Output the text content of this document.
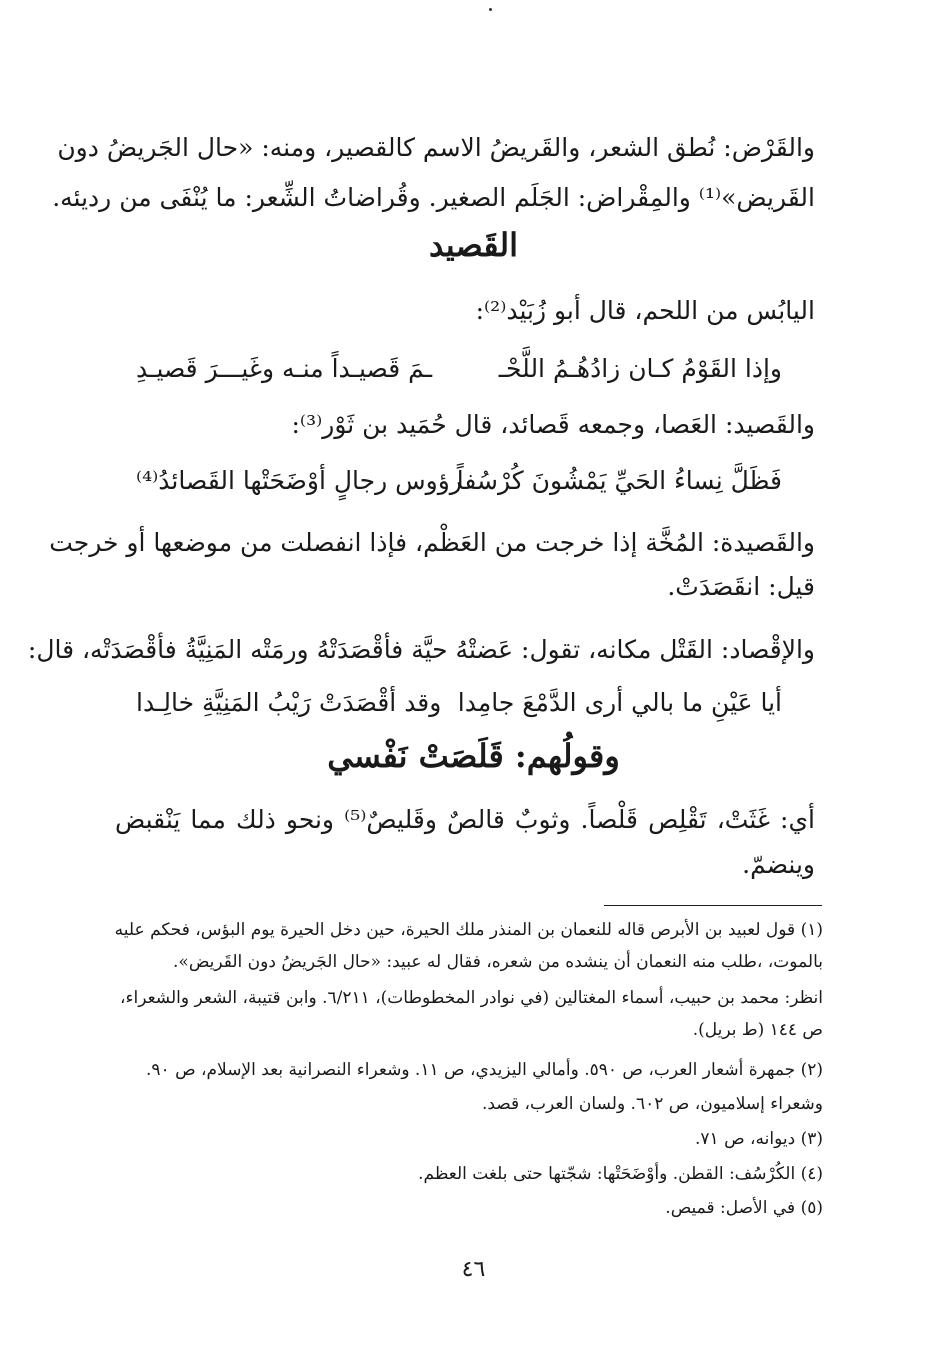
والقَرْض: نُطق الشعر، والقَريضُ الاسم كالقصير، ومنه: «حال الجَريضُ دون
القَريض»⁽¹⁾ والمِقْراض: الجَلَم الصغير. وقُراضاتُ الشِّعر: ما يُنْفَى من رديئه.
القَصيد
اليابُس من اللحم، قال أبو زُبَيْد⁽²⁾:
وإذا القَوْمُ كـان زادُهُـمُ اللَّحْـ
ـمَ قَصيـداً منـه وغَيـــرَ قَصيـدِ
والقَصيد: العَصا، وجمعه قَصائد، قال حُمَيد بن ثَوْر⁽³⁾:
فَظَلَّ نِساءُ الحَيِّ يَمْشُونَ كُرْسُفاً
رؤوس رجالٍ أوْضَحَتْها القَصائدُ⁽⁴⁾
والقَصيدة: المُخَّة إذا خرجت من العَظْم، فإذا انفصلت من موضعها أو خرجت
قيل: انقَصَدَتْ.
والإقْصاد: القَتْل مكانه، تقول: عَضتْهُ حيَّة فأقْصَدَتْهُ ورمَتْه المَنِيَّةُ فأقْصَدَتْه، قال:
أيا عَيْنِ ما بالي أرى الدَّمْعَ جامِدا
وقد أقْصَدَتْ رَيْبُ المَنِيَّةِ خالِـدا
وقولُهم: قَلَصَتْ نَفْسي
أي: غَثَتْ، تَقْلِص قَلْصاً. وثوبٌ قالصٌ وقَليصٌ⁽⁵⁾ ونحو ذلك مما يَنْقبض
وينضمّ.
(١) قول لعبيد بن الأبرص قاله للنعمان بن المنذر ملك الحيرة، حين دخل الحيرة يوم البؤس، فحكم عليه
بالموت، ،طلب منه النعمان أن ينشده من شعره، فقال له عبيد: «حال الجَريضُ دون القَريض».
انظر: محمد بن حبيب، أسماء المغتالين (في نوادر المخطوطات)، ٦/٢١١. وابن قتيبة، الشعر والشعراء،
ص ١٤٤ (ط بريل).
(٢) جمهرة أشعار العرب، ص ٥٩٠. وأمالي اليزيدي، ص ١١. وشعراء النصرانية بعد الإسلام، ص ٩٠.
وشعراء إسلاميون، ص ٦٠٢. ولسان العرب، قصد.
(٣) ديوانه، ص ٧١.
(٤) الكُرْسُف: القطن. وأوْضَحَتْها: شجّتها حتى بلغت العظم.
(٥) في الأصل: قميص.
٤٦
